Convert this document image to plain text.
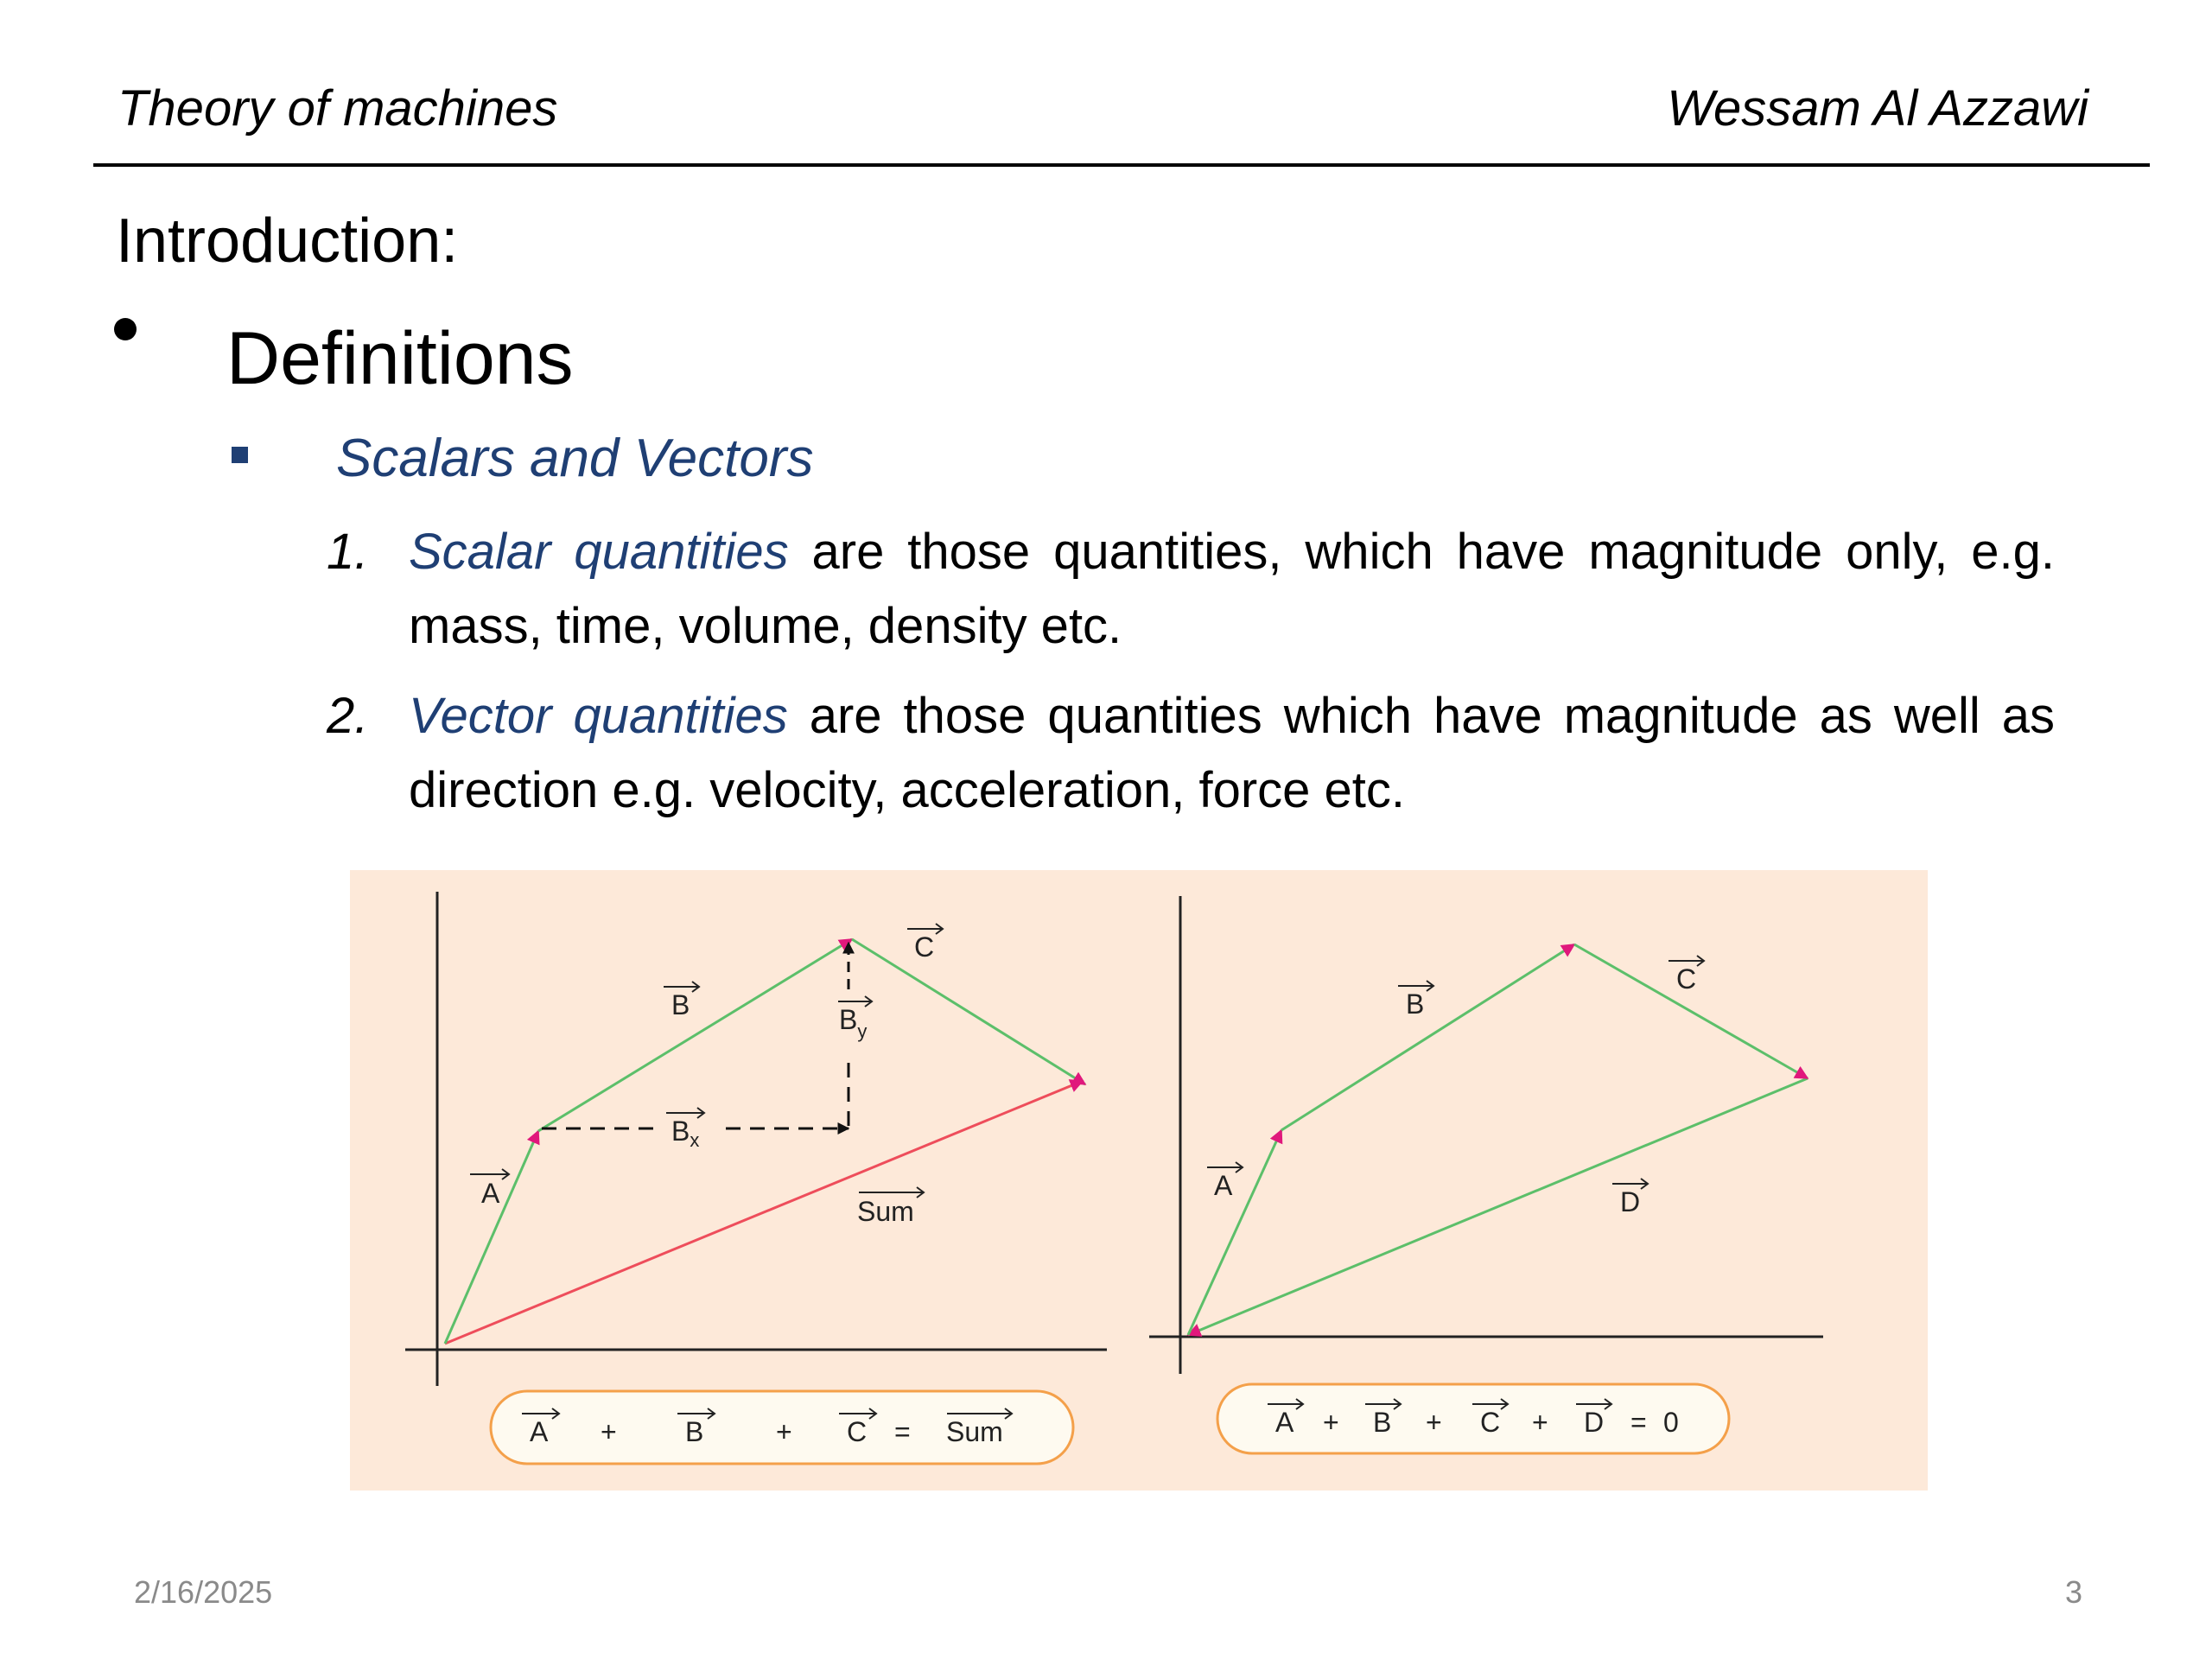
Theory of machines	Wessam Al Azzawi
Introduction:
Definitions
Scalars and Vectors
1. Scalar quantities are those quantities, which have magnitude only, e.g. mass, time, volume, density etc.
2. Vector quantities are those quantities which have magnitude as well as direction e.g. velocity, acceleration, force etc.
A
B
C
$B_x$
$B_y$
Sum
A + B	+ C = Sum
A
B
C
D
A + B + C + D = 0
2/16/2025	3
